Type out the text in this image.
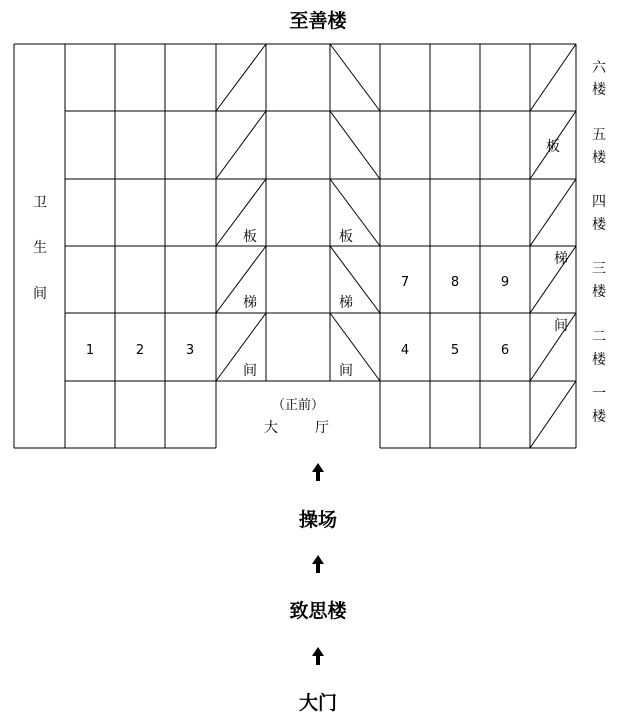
至善楼
卫
生
间
板
梯
间
板
梯
间
板
梯
间
1	2	3	4	5	6
7	8	9
（正前）
大	厅
六
楼
五
楼
四
楼
三
楼
二
楼
一
楼
操场
致思楼
大门
